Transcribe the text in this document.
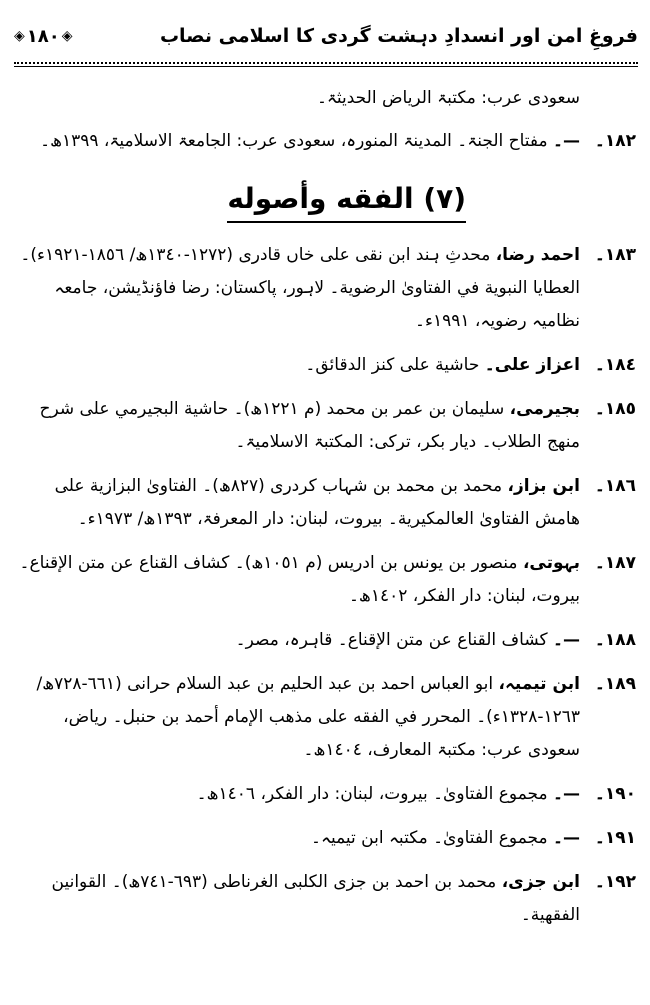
فروغِ امن اور انسدادِ دہشت گردی کا اسلامی نصاب
◈
١٨٠
◈
سعودی عرب: مکتبۃ الریاض الحدیثۃ۔
١٨٢۔
—۔ مفتاح الجنۃ۔ المدینۃ المنورہ، سعودی عرب: الجامعۃ الاسلامیۃ، ١٣٩٩ھ۔
(٧) الفقه وأصوله
١٨٣۔
احمد رضا، محدثِ ہند ابن نقی علی خاں قادری (١٢٧٢-١٣٤٠ھ/ ١٨٥٦-١٩٢١ء)۔ العطايا النبوية في الفتاوىٰ الرضوية۔ لاہور، پاکستان: رضا فاؤنڈیشن، جامعہ نظامیہ رضویہ، ١٩٩١ء۔
١٨٤۔
اعزاز علی۔ حاشية على كنز الدقائق۔
١٨٥۔
بجیرمی، سلیمان بن عمر بن محمد (م ١٢٢١ھ)۔ حاشية البجيرمي على شرح منهج الطلاب۔ دیار بکر، ترکی: المکتبۃ الاسلامیۃ۔
١٨٦۔
ابن بزاز، محمد بن محمد بن شہاب کردری (٨٢٧ھ)۔ الفتاوىٰ البزازية على هامش الفتاوىٰ العالمكيرية۔ بیروت، لبنان: دار المعرفۃ، ١٣٩٣ھ/ ١٩٧٣ء۔
١٨٧۔
بہوتی، منصور بن یونس بن ادریس (م ١٠٥١ھ)۔ كشاف القناع عن متن الإقناع۔ بیروت، لبنان: دار الفکر، ١٤٠٢ھ۔
١٨٨۔
—۔ كشاف القناع عن متن الإقناع۔ قاہرہ، مصر۔
١٨٩۔
ابن تیمیہ، ابو العباس احمد بن عبد الحلیم بن عبد السلام حرانی (٦٦١-٧٢٨ھ/ ١٢٦٣-١٣٢٨ء)۔ المحرر في الفقه على مذهب الإمام أحمد بن حنبل۔ ریاض، سعودی عرب: مکتبۃ المعارف، ١٤٠٤ھ۔
١٩٠۔
—۔ مجموع الفتاوىٰ۔ بیروت، لبنان: دار الفکر، ١٤٠٦ھ۔
١٩١۔
—۔ مجموع الفتاوىٰ۔ مکتبہ ابن تیمیہ۔
١٩٢۔
ابن جزی، محمد بن احمد بن جزی الکلبی الغرناطی (٦٩٣-٧٤١ھ)۔ القوانين الفقهية۔
